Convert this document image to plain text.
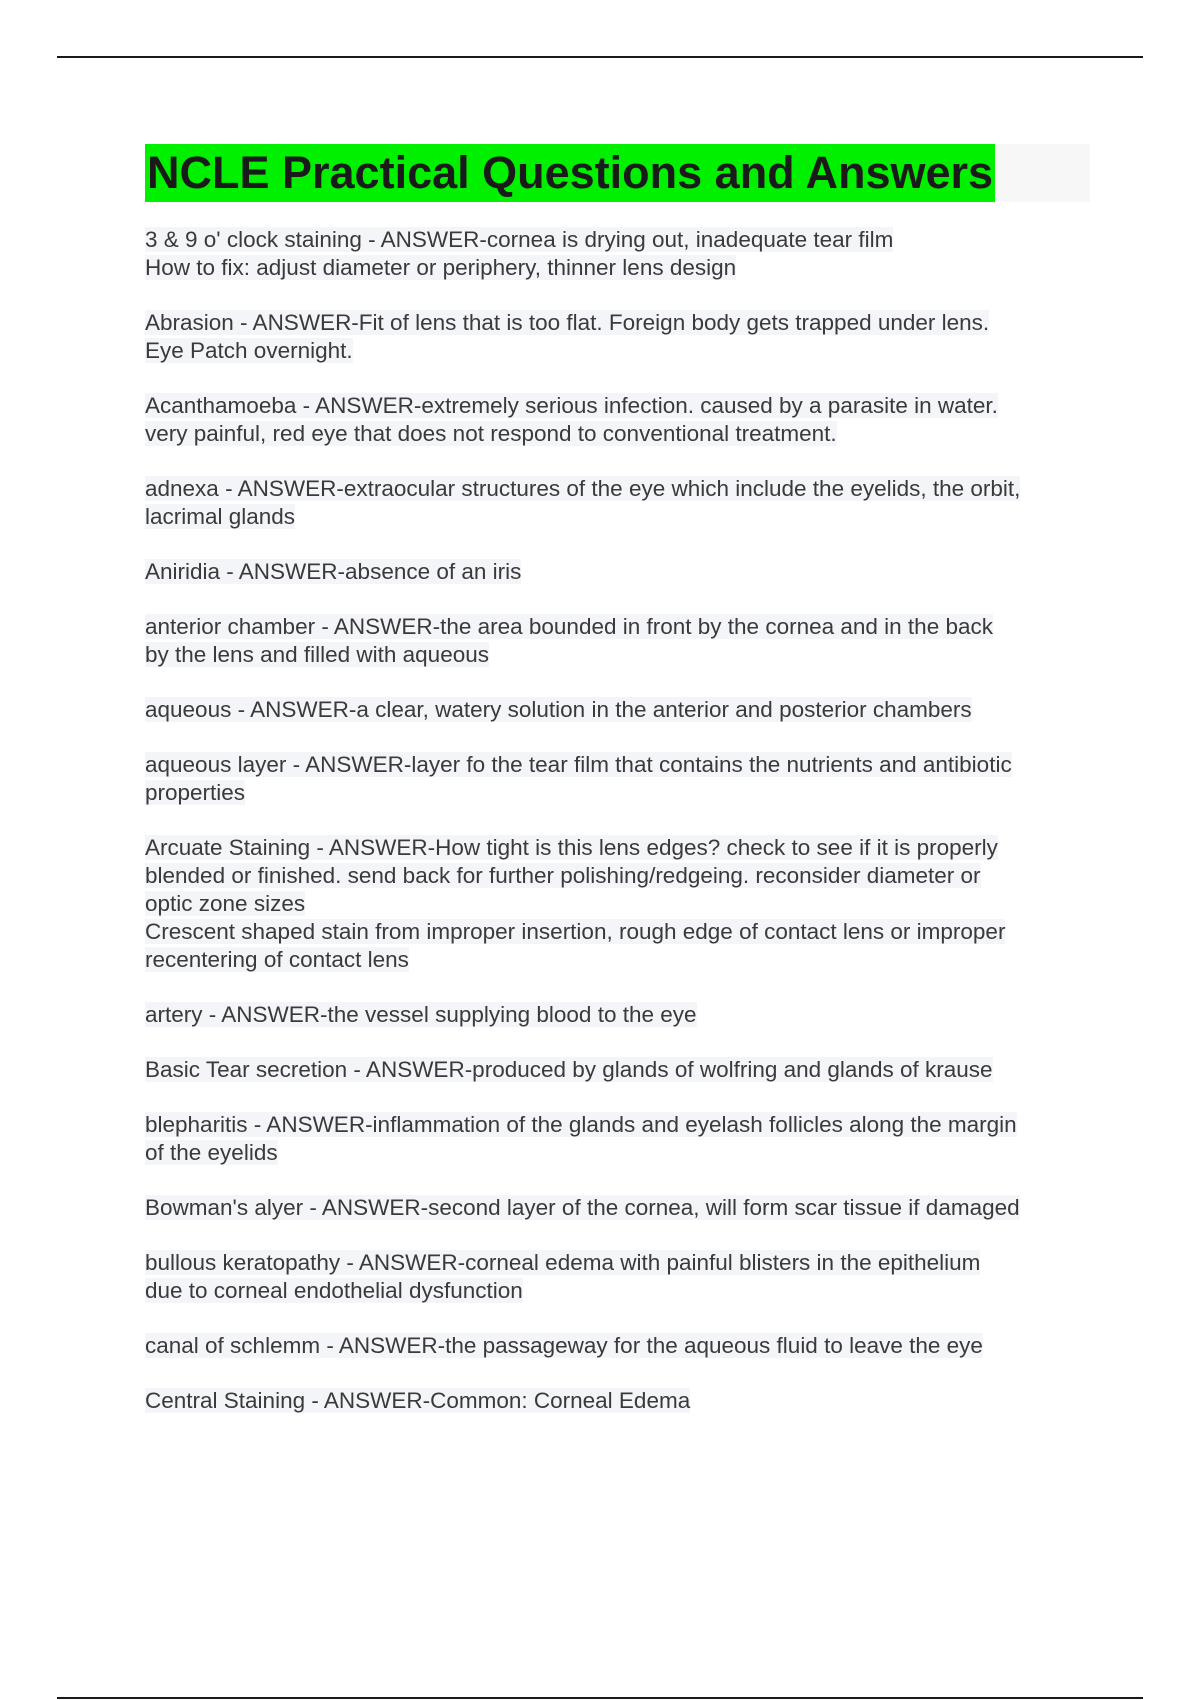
NCLE Practical Questions and Answers
3 & 9 o' clock staining - ANSWER-cornea is drying out, inadequate tear film
How to fix: adjust diameter or periphery, thinner lens design
Abrasion - ANSWER-Fit of lens that is too flat. Foreign body gets trapped under lens.
Eye Patch overnight.
Acanthamoeba - ANSWER-extremely serious infection. caused by a parasite in water.
very painful, red eye that does not respond to conventional treatment.
adnexa - ANSWER-extraocular structures of the eye which include the eyelids, the orbit,
lacrimal glands
Aniridia - ANSWER-absence of an iris
anterior chamber - ANSWER-the area bounded in front by the cornea and in the back
by the lens and filled with aqueous
aqueous - ANSWER-a clear, watery solution in the anterior and posterior chambers
aqueous layer - ANSWER-layer fo the tear film that contains the nutrients and antibiotic
properties
Arcuate Staining - ANSWER-How tight is this lens edges? check to see if it is properly
blended or finished. send back for further polishing/redgeing. reconsider diameter or
optic zone sizes
Crescent shaped stain from improper insertion, rough edge of contact lens or improper
recentering of contact lens
artery - ANSWER-the vessel supplying blood to the eye
Basic Tear secretion - ANSWER-produced by glands of wolfring and glands of krause
blepharitis - ANSWER-inflammation of the glands and eyelash follicles along the margin
of the eyelids
Bowman's alyer - ANSWER-second layer of the cornea, will form scar tissue if damaged
bullous keratopathy - ANSWER-corneal edema with painful blisters in the epithelium
due to corneal endothelial dysfunction
canal of schlemm - ANSWER-the passageway for the aqueous fluid to leave the eye
Central Staining - ANSWER-Common: Corneal Edema
